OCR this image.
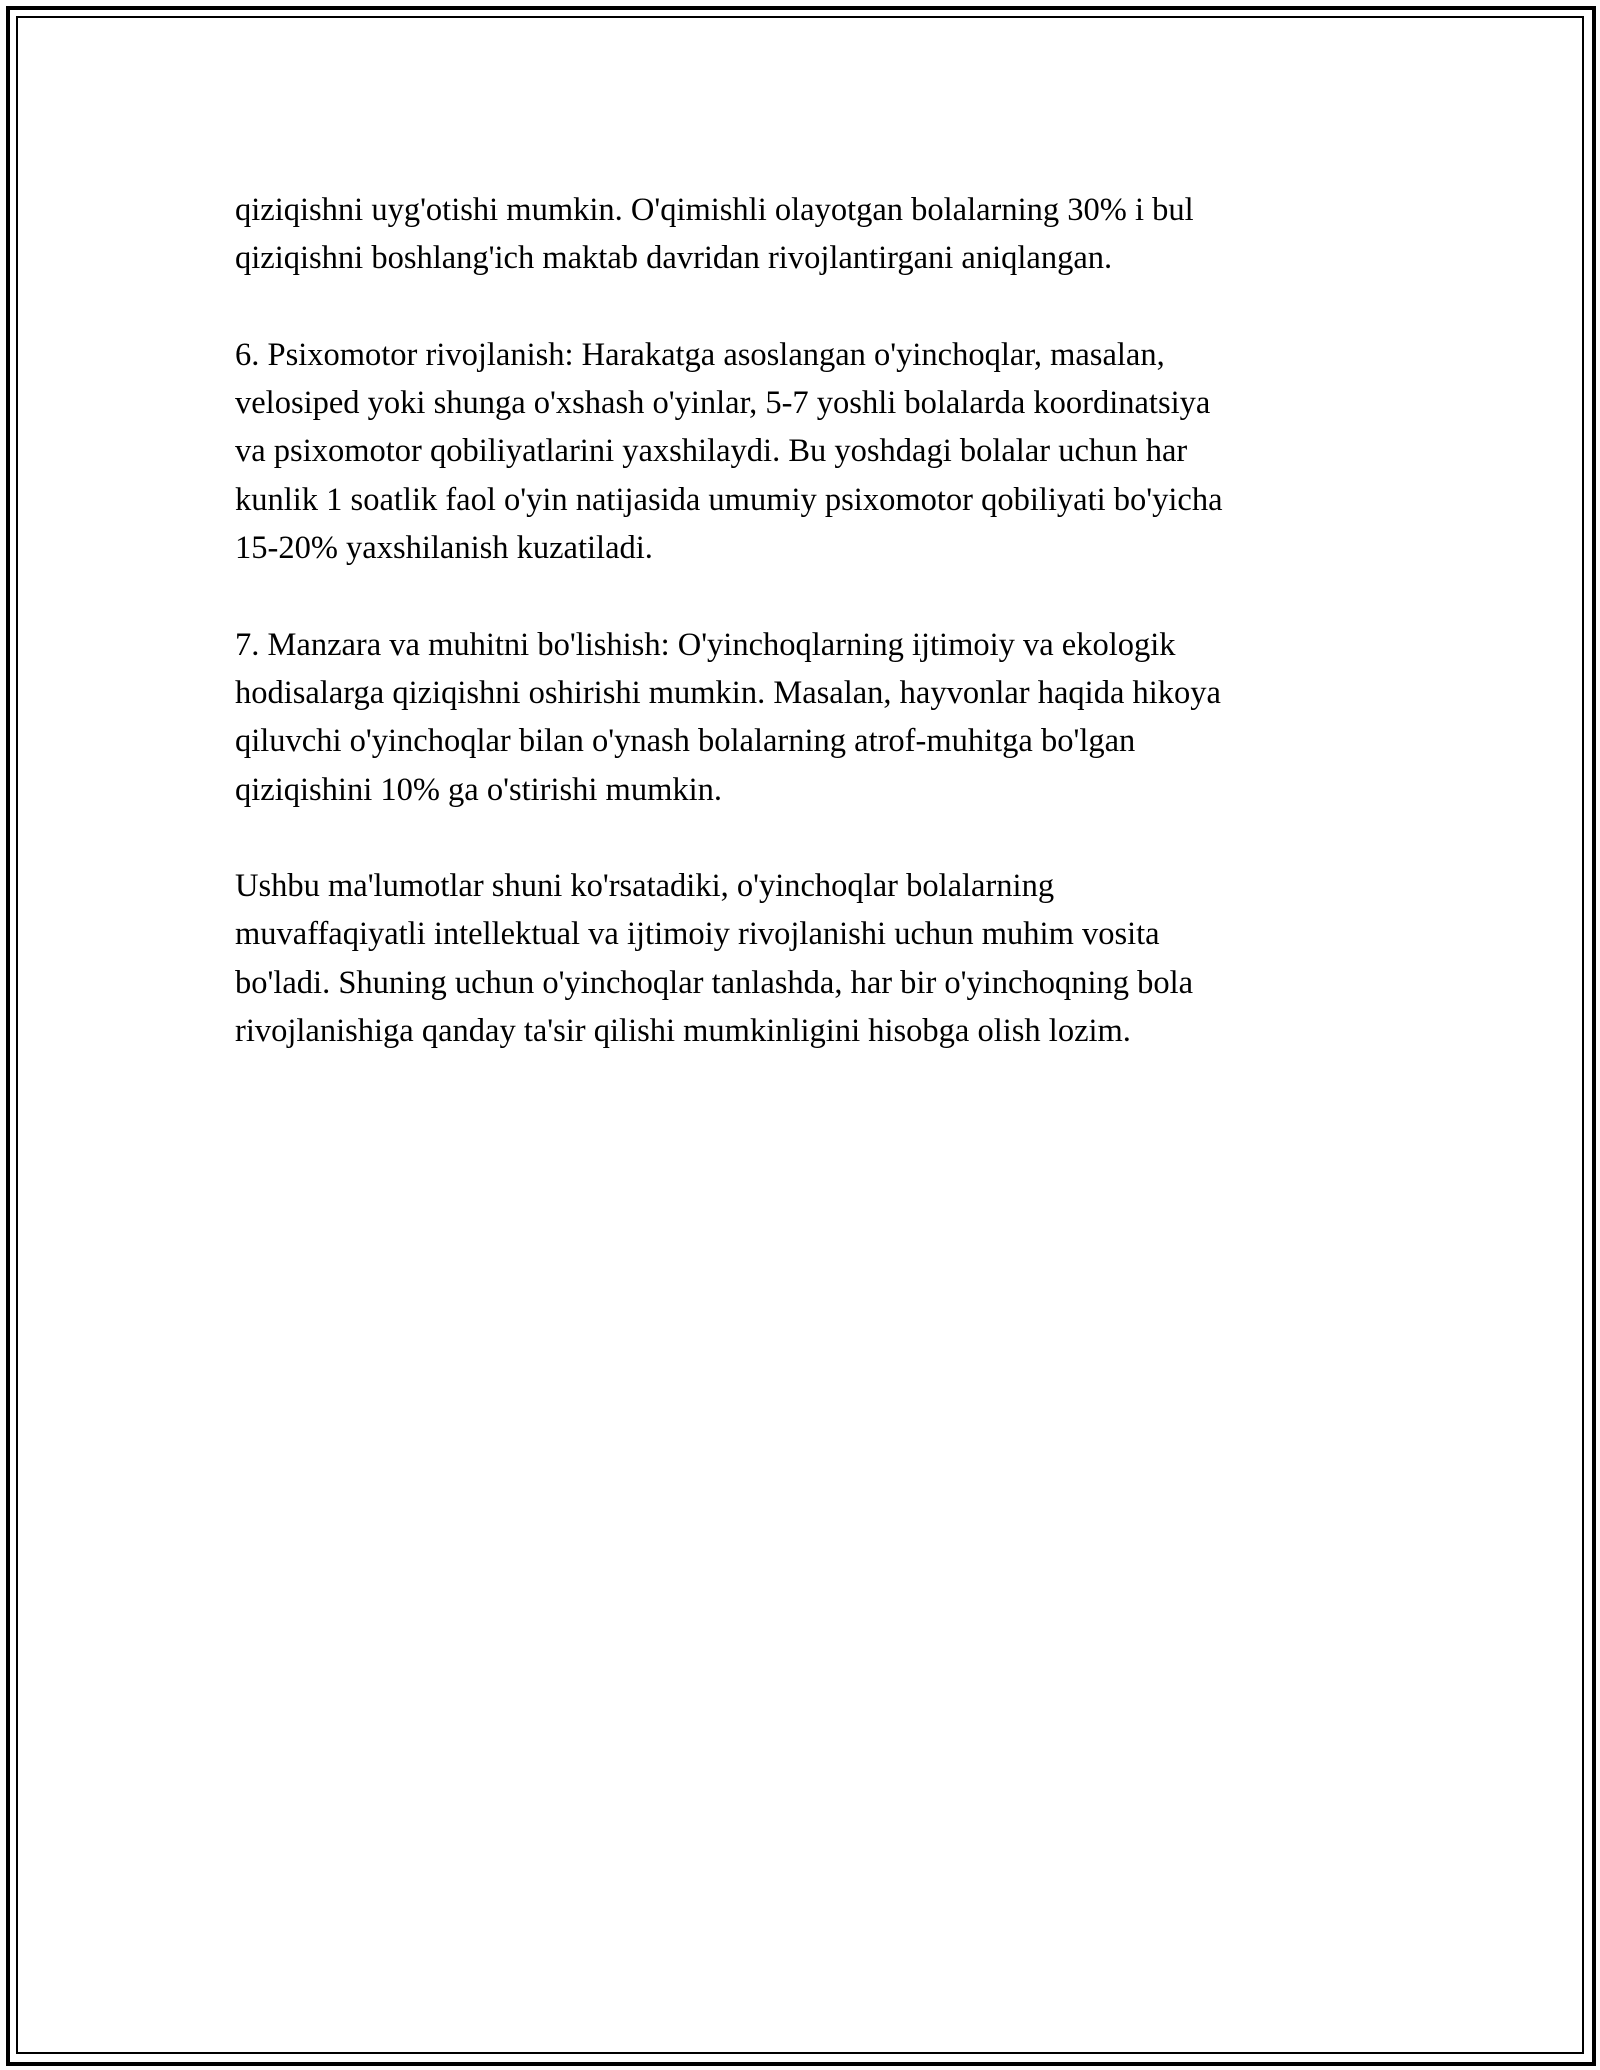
qiziqishni uyg'otishi mumkin. O'qimishli olayotgan bolalarning 30% i bul
qiziqishni boshlang'ich maktab davridan rivojlantirgani aniqlangan.

6. Psixomotor rivojlanish: Harakatga asoslangan o'yinchoqlar, masalan,
velosiped yoki shunga o'xshash o'yinlar, 5-7 yoshli bolalarda koordinatsiya
va psixomotor qobiliyatlarini yaxshilaydi. Bu yoshdagi bolalar uchun har
kunlik 1 soatlik faol o'yin natijasida umumiy psixomotor qobiliyati bo'yicha
15-20% yaxshilanish kuzatiladi.

7. Manzara va muhitni bo'lishish: O'yinchoqlarning ijtimoiy va ekologik
hodisalarga qiziqishni oshirishi mumkin. Masalan, hayvonlar haqida hikoya
qiluvchi o'yinchoqlar bilan o'ynash bolalarning atrof-muhitga bo'lgan
qiziqishini 10% ga o'stirishi mumkin.

Ushbu ma'lumotlar shuni ko'rsatadiki, o'yinchoqlar bolalarning
muvaffaqiyatli intellektual va ijtimoiy rivojlanishi uchun muhim vosita
bo'ladi. Shuning uchun o'yinchoqlar tanlashda, har bir o'yinchoqning bola
rivojlanishiga qanday ta'sir qilishi mumkinligini hisobga olish lozim.
